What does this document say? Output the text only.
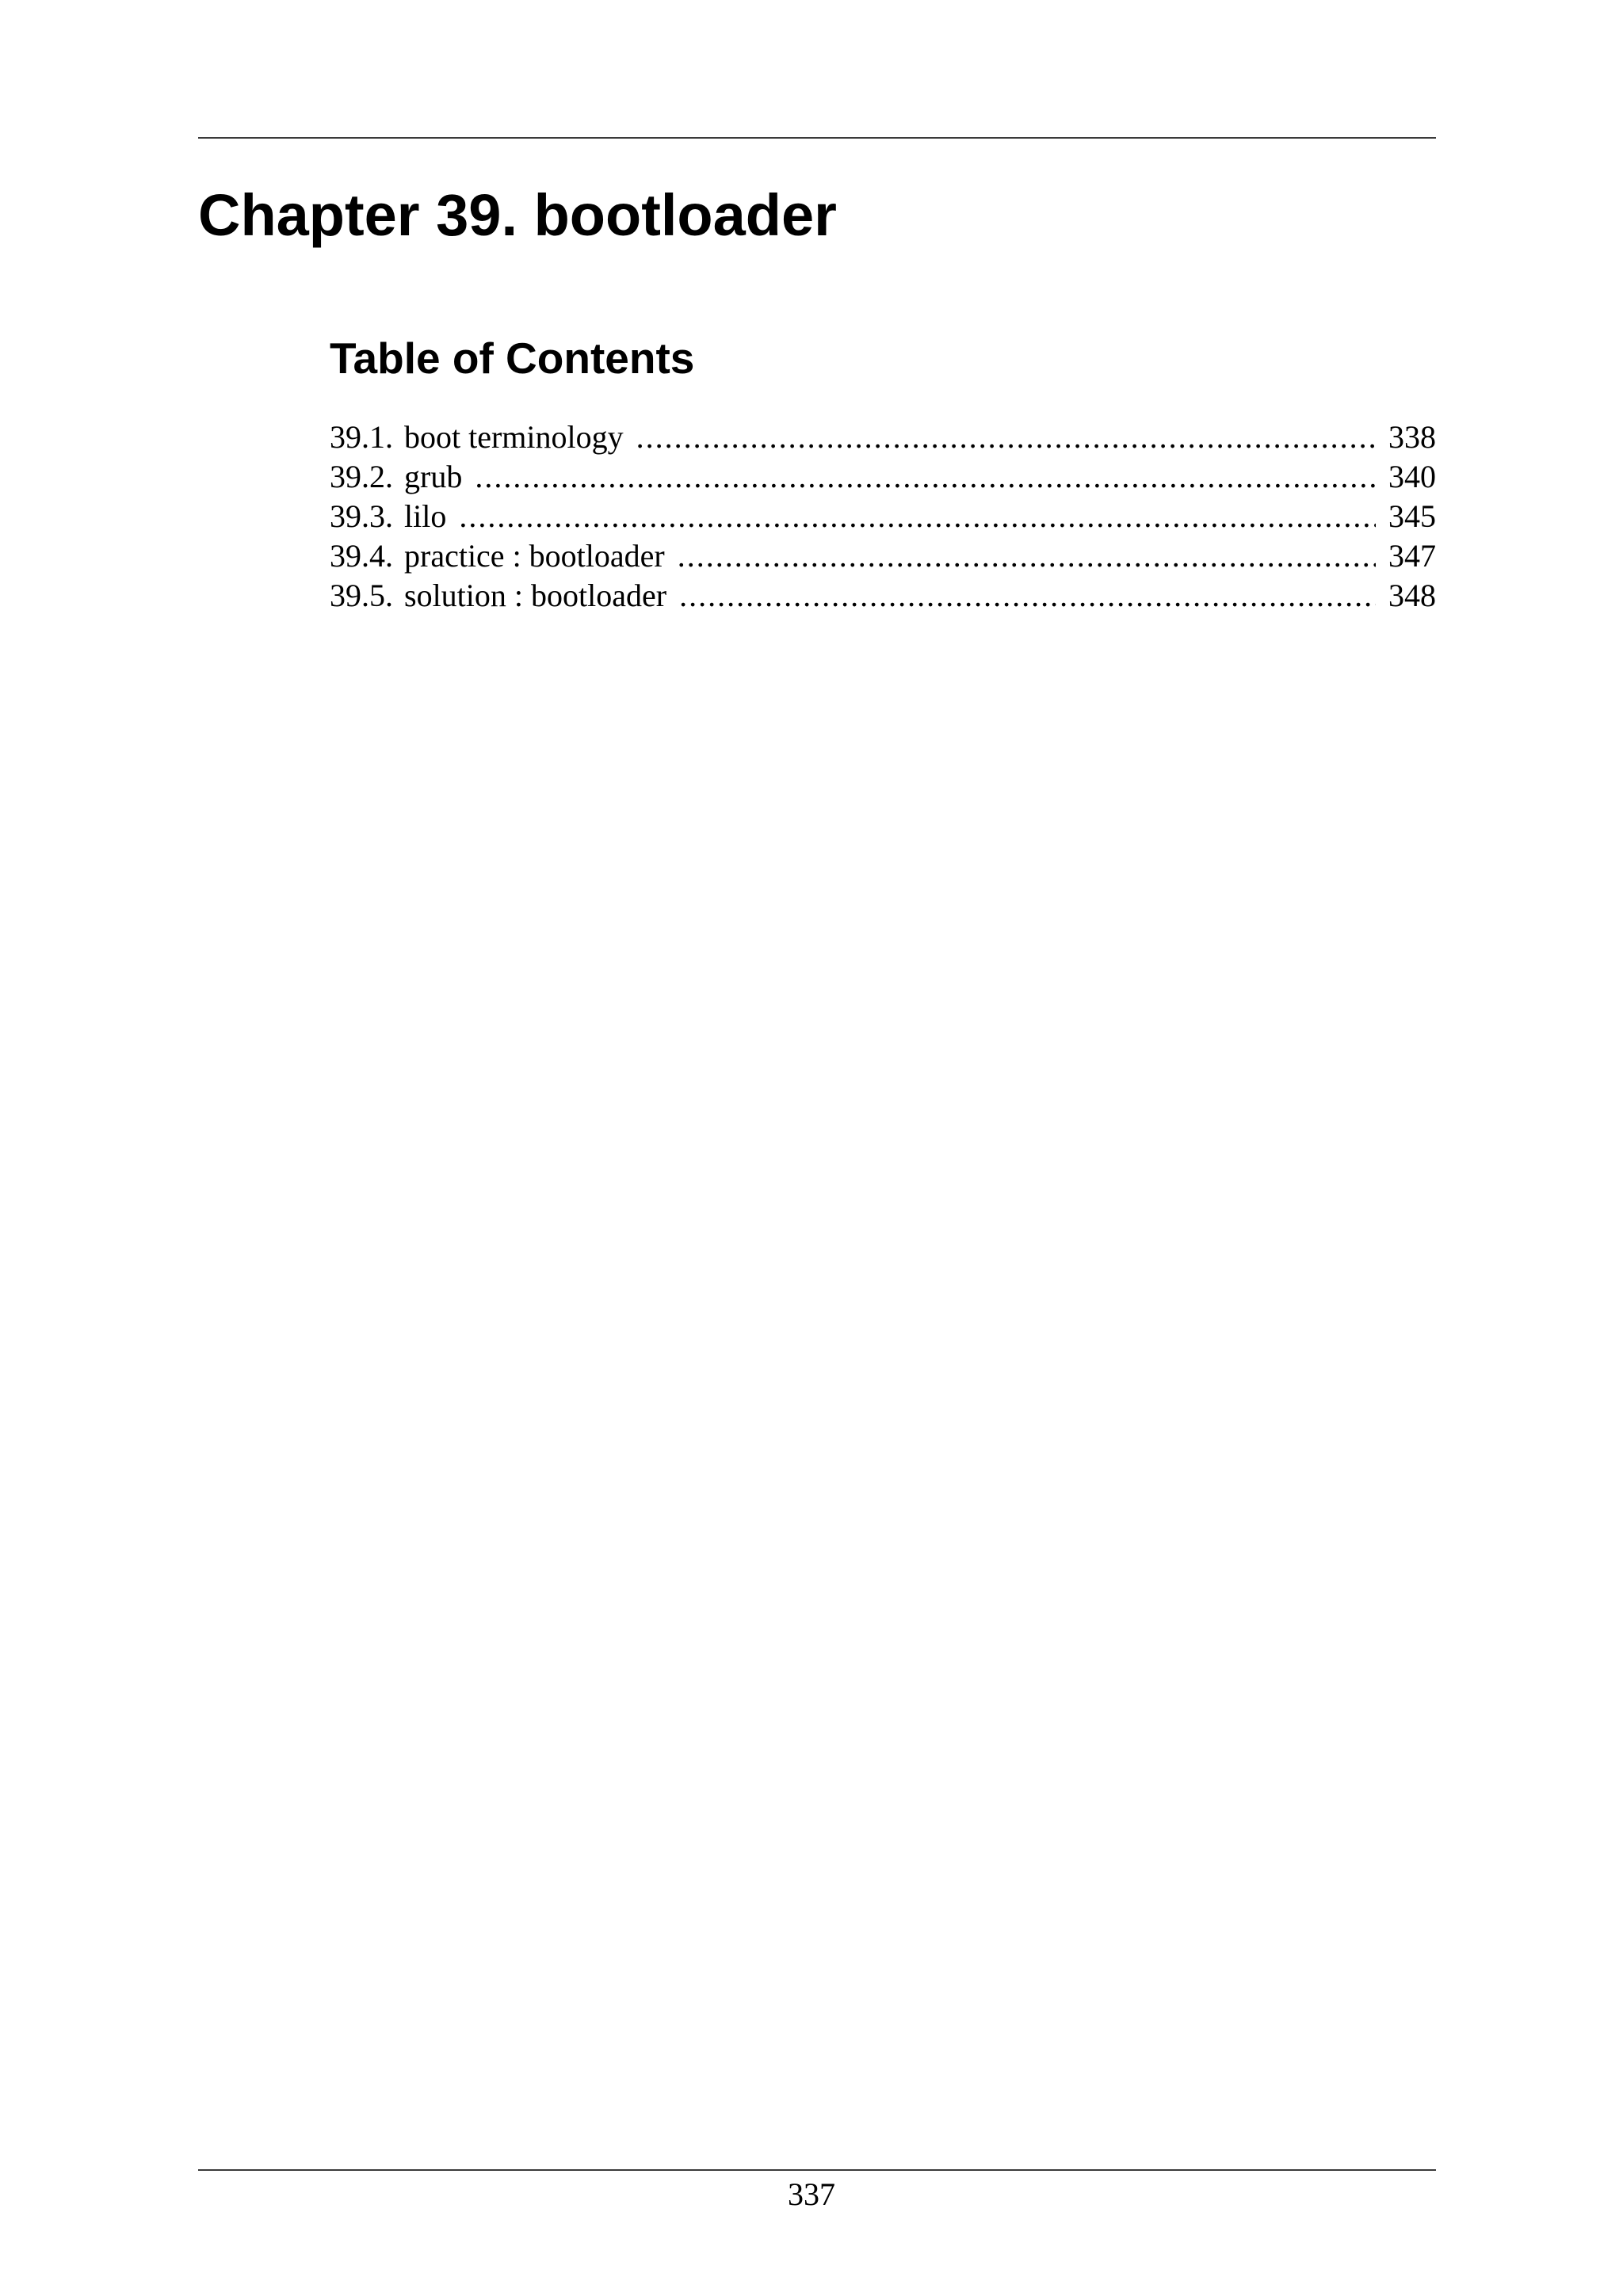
Chapter 39. bootloader
Table of Contents
39.1. boot terminology .....	338
39.2. grub .....	340
39.3. lilo .....	345
39.4. practice : bootloader .....	347
39.5. solution : bootloader .....	348
337
